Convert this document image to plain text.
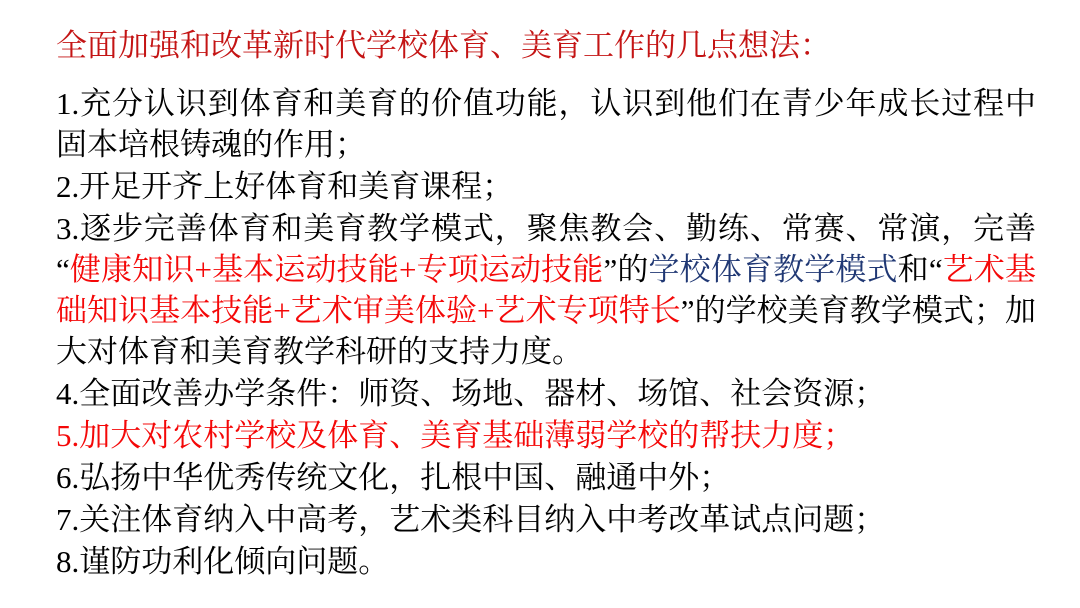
全面加强和改革新时代学校体育、美育工作的几点想法：

1.充分认识到体育和美育的价值功能，认识到他们在青少年成长过程中固本培根铸魂的作用；

2.开足开齐上好体育和美育课程；

3.逐步完善体育和美育教学模式，聚焦教会、勤练、常赛、常演，完善“健康知识+基本运动技能+专项运动技能”的学校体育教学模式和“艺术基础知识基本技能+艺术审美体验+艺术专项特长”的学校美育教学模式；加大对体育和美育教学科研的支持力度。

4.全面改善办学条件：师资、场地、器材、场馆、社会资源；

5.加大对农村学校及体育、美育基础薄弱学校的帮扶力度；

6.弘扬中华优秀传统文化，扎根中国、融通中外；

7.关注体育纳入中高考，艺术类科目纳入中考改革试点问题；

8.谨防功利化倾向问题。
